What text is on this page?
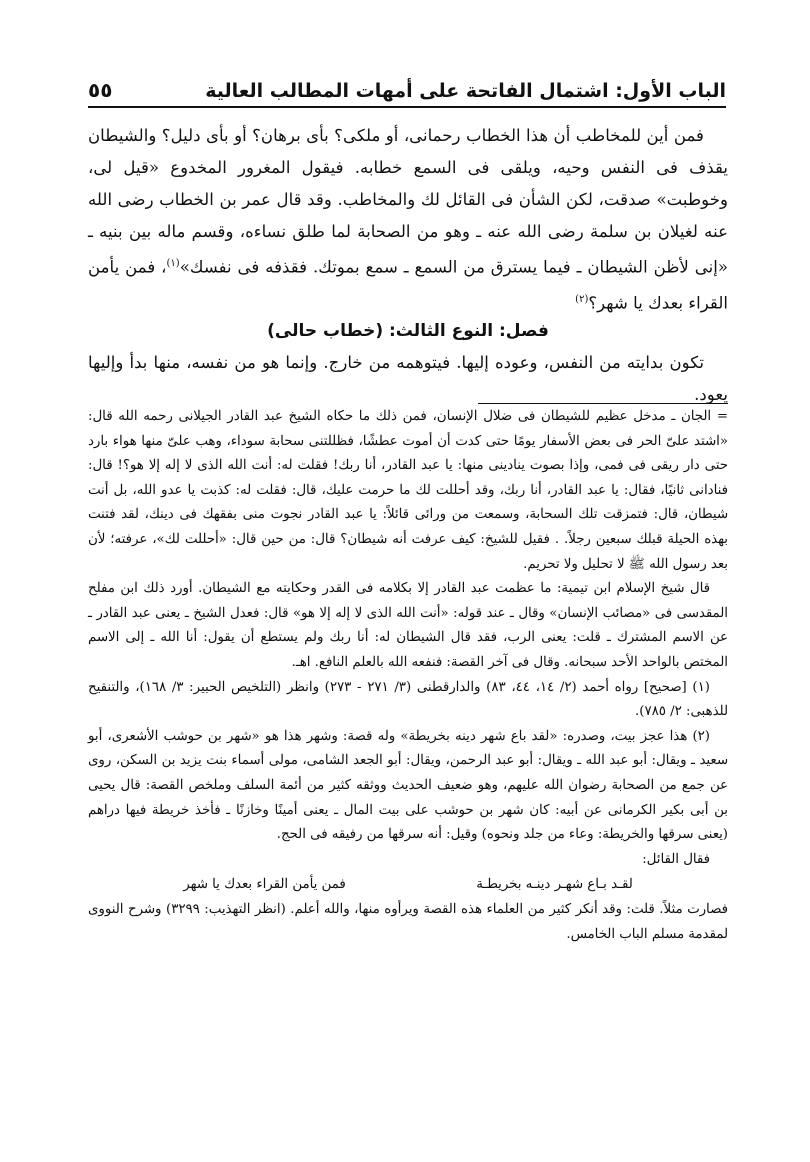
الباب الأول: اشتمال الفاتحة على أمهات المطالب العالية
٥٥

فمن أين للمخاطب أن هذا الخطاب رحمانى، أو ملكى؟ بأى برهان؟ أو بأى دليل؟ والشيطان يقذف فى النفس وحيه، ويلقى فى السمع خطابه. فيقول المغرور المخدوع «قيل لى، وخوطبت» صدقت، لكن الشأن فى القائل لك والمخاطب. وقد قال عمر بن الخطاب رضى الله عنه لغيلان بن سلمة رضى الله عنه ـ وهو من الصحابة لما طلق نساءه، وقسم ماله بين بنيه ـ «إنى لأظن الشيطان ـ فيما يسترق من السمع ـ سمع بموتك. فقذفه فى نفسك»$^{(١)}$، فمن يأمن القراء بعدك يا شهر؟$^{(٢)}$

فصل: النوع الثالث: (خطاب حالى)

تكون بدايته من النفس، وعوده إليها. فيتوهمه من خارج. وإنما هو من نفسه، منها بدأ وإليها يعود.

= الجان ـ مدخل عظيم للشيطان فى ضلال الإنسان، فمن ذلك ما حكاه الشيخ عبد القادر الجيلانى رحمه الله قال: «اشتد علىّ الحر فى بعض الأسفار يومًا حتى كدت أن أموت عطشًا، فظللتنى سحابة سوداء، وهب علىّ منها هواء بارد حتى دار ريقى فى فمى، وإذا بصوت ينادينى منها: يا عبد القادر، أنا ربك! فقلت له: أنت الله الذى لا إله إلا هو؟! قال: فنادانى ثانيًا، فقال: يا عبد القادر، أنا ربك، وقد أحللت لك ما حرمت عليك، قال: فقلت له: كذبت يا عدو الله، بل أنت شيطان، قال: فتمزقت تلك السحابة، وسمعت من ورائى قائلاً: يا عبد القادر نجوت منى بفقهك فى دينك، لقد فتنت بهذه الحيلة قبلك سبعين رجلاً. . فقيل للشيخ: كيف عرفت أنه شيطان؟ قال: من حين قال: «أحللت لك»، عرفته؛ لأن بعد رسول الله ﷺ لا تحليل ولا تحريم.

قال شيخ الإسلام ابن تيمية: ما عظمت عبد القادر إلا بكلامه فى القدر وحكايته مع الشيطان. أورد ذلك ابن مفلح المقدسى فى «مصائب الإنسان» وقال ـ عند قوله: «أنت الله الذى لا إله إلا هو» قال: فعدل الشيخ ـ يعنى عبد القادر ـ عن الاسم المشترك ـ قلت: يعنى الرب، فقد قال الشيطان له: أنا ربك ولم يستطع أن يقول: أنا الله ـ إلى الاسم المختص بالواحد الأحد سبحانه. وقال فى آخر القصة: فنفعه الله بالعلم النافع. اهـ.

(١) [صحيح] رواه أحمد (٢/ ١٤، ٤٤، ٨٣) والدارقطنى (٣/ ٢٧١ - ٢٧٣) وانظر (التلخيص الحبير: ٣/ ١٦٨)، والتنقيح للذهبى: ٢/ ٧٨٥).

(٢) هذا عجز بيت، وصدره: «لقد باع شهر دينه بخريطة» وله قصة: وشهر هذا هو «شهر بن حوشب الأشعرى، أبو سعيد ـ ويقال: أبو عبد الله ـ ويقال: أبو عبد الرحمن، ويقال: أبو الجعد الشامى، مولى أسماء بنت يزيد بن السكن، روى عن جمع من الصحابة رضوان الله عليهم، وهو ضعيف الحديث ووثقه كثير من أئمة السلف وملخص القصة: قال يحيى بن أبى بكير الكرمانى عن أبيه: كان شهر بن حوشب على بيت المال ـ يعنى أمينًا وخازنًا ـ فأخذ خريطة فيها دراهم (يعنى سرقها والخريطة: وعاء من جلد ونحوه) وقيل: أنه سرقها من رفيقه فى الحج.

فقال القائل:

لقـد بـاع شهـر دينـه بخريطـة
فمن يأمن القراء بعدك يا شهر

فصارت مثلاً. قلت: وقد أنكر كثير من العلماء هذه القصة ويرأوه منها، والله أعلم. (انظر التهذيب: ٣٢٩٩) وشرح النووى لمقدمة مسلم الباب الخامس.
